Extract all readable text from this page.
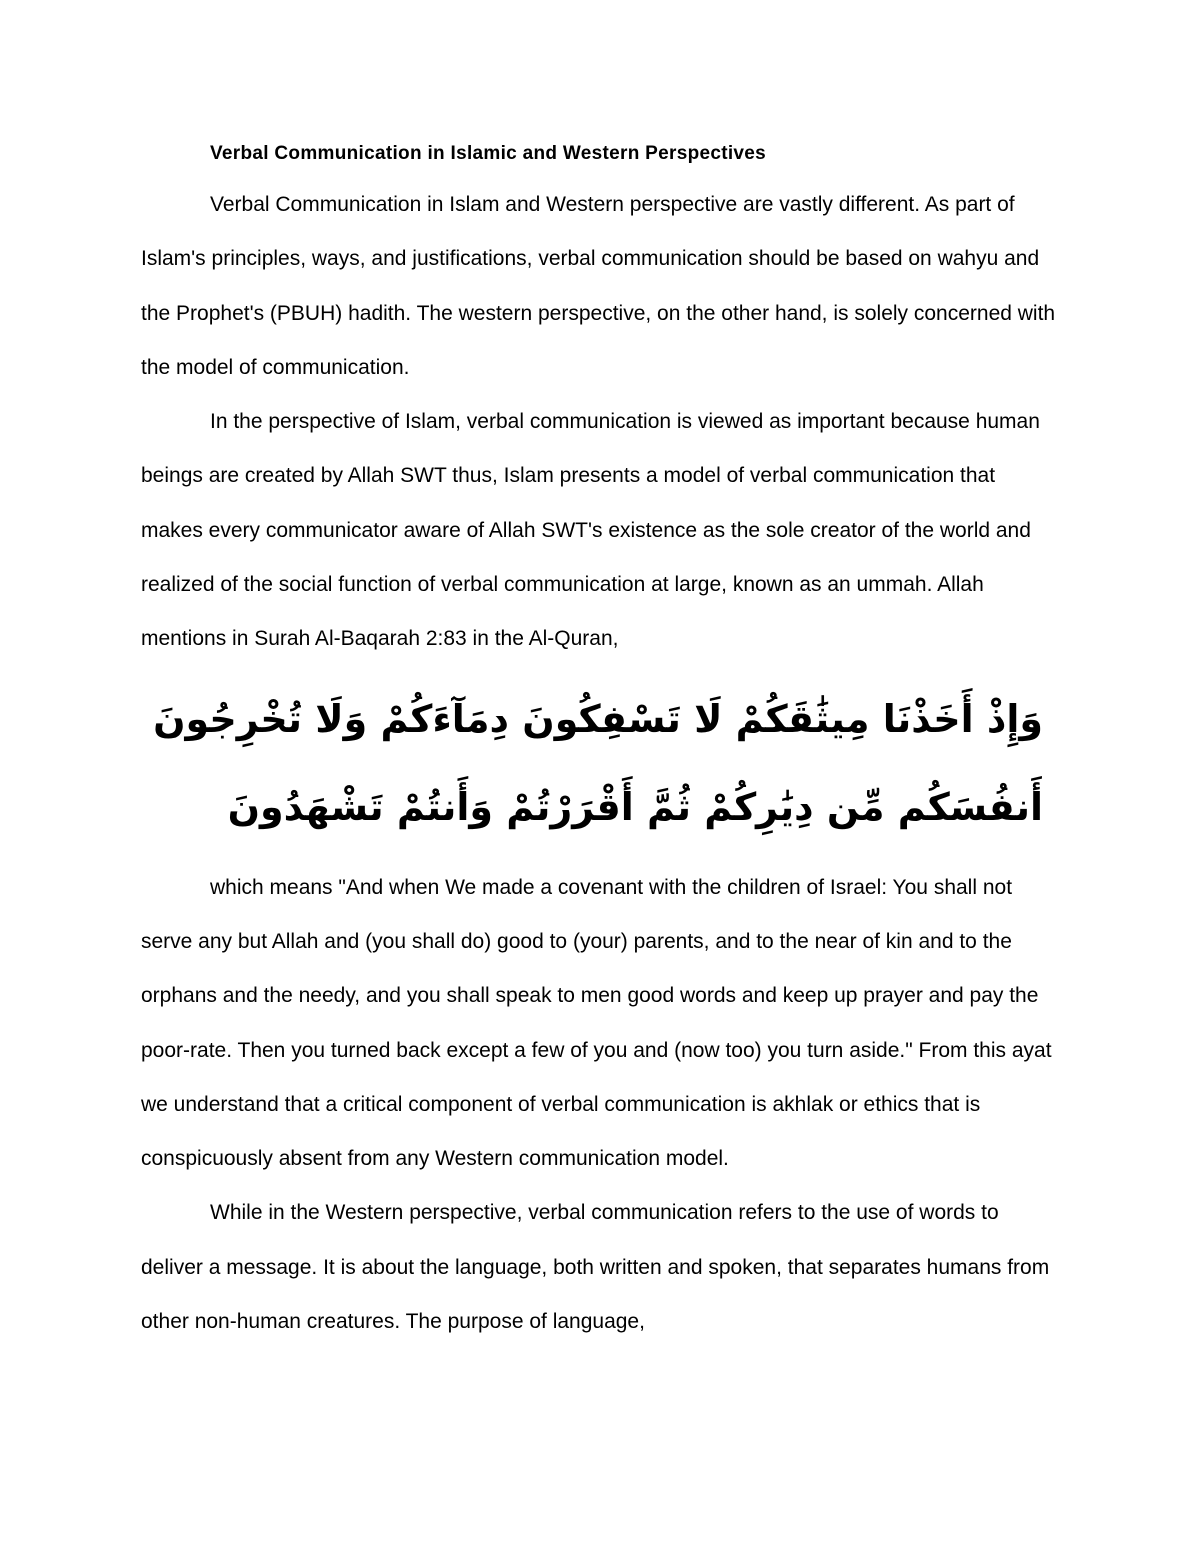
Verbal Communication in Islamic and Western Perspectives

Verbal Communication in Islam and Western perspective are vastly different. As part of Islam's principles, ways, and justifications, verbal communication should be based on wahyu and the Prophet's (PBUH) hadith. The western perspective, on the other hand, is solely concerned with the model of communication.

In the perspective of Islam, verbal communication is viewed as important because human beings are created by Allah SWT thus, Islam presents a model of verbal communication that makes every communicator aware of Allah SWT's existence as the sole creator of the world and realized of the social function of verbal communication at large, known as an ummah. Allah mentions in Surah Al-Baqarah 2:83 in the Al-Quran,

وَإِذْ أَخَذْنَا مِيثَٰقَكُمْ لَا تَسْفِكُونَ دِمَآءَكُمْ وَلَا تُخْرِجُونَ أَنفُسَكُم مِّن دِيَٰرِكُمْ ثُمَّ أَقْرَرْتُمْ وَأَنتُمْ تَشْهَدُونَ

which means "And when We made a covenant with the children of Israel: You shall not serve any but Allah and (you shall do) good to (your) parents, and to the near of kin and to the orphans and the needy, and you shall speak to men good words and keep up prayer and pay the poor-rate. Then you turned back except a few of you and (now too) you turn aside." From this ayat we understand that a critical component of verbal communication is akhlak or ethics that is conspicuously absent from any Western communication model.

While in the Western perspective, verbal communication refers to the use of words to deliver a message. It is about the language, both written and spoken, that separates humans from other non-human creatures. The purpose of language,
